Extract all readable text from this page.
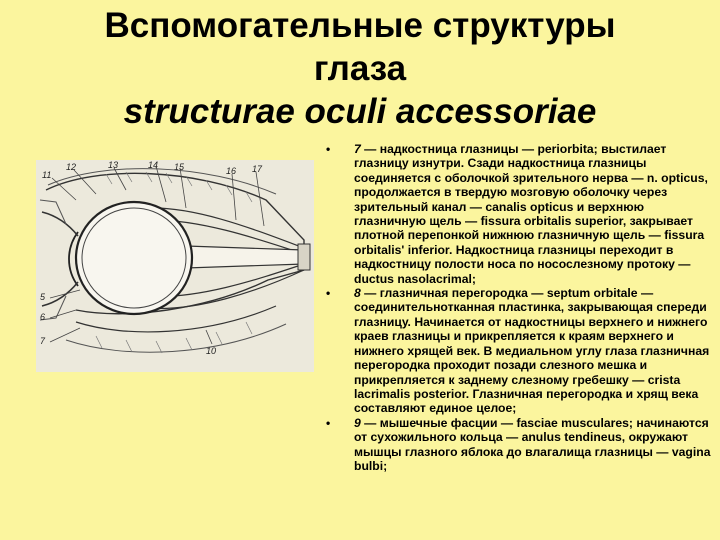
Вспомогательные структуры
глаза
structurae oculi accessoriae
11
12	13	14 15	16 17
5
6
7
10
• 7 — надкостница глазницы — periorbita; выстилает глазницу изнутри. Сзади надкостница глазницы соединяется с оболочкой зрительного нерва — n. opticus, продолжается в твердую мозговую оболочку через зрительный канал — canalis opticus и верхнюю глазничную щель — fissura orbitalis superior, закрывает плотной перепонкой нижнюю глазничную щель — fissura orbitalis' inferior. Надкостница глазницы переходит в надкостницу полости носа по носослезному протоку — ductus nasolacrimal;
• 8 — глазничная перегородка — septum orbitale — соединительнотканная пластинка, закрывающая спереди глазницу. Начинается от надкостницы верхнего и нижнего краев глазницы и прикрепляется к краям верхнего и нижнего хрящей век. В медиальном углу глаза глазничная перегородка проходит позади слезного мешка и прикрепляется к заднему слезному гребешку — crista lacrimalis posterior. Глазничная перегородка и хрящ века составляют единое целое;
• 9 — мышечные фасции — fasciae musculares; начинаются от сухожильного кольца — anulus tendineus, окружают мышцы глазного яблока до влагалища глазницы — vagina bulbi;
